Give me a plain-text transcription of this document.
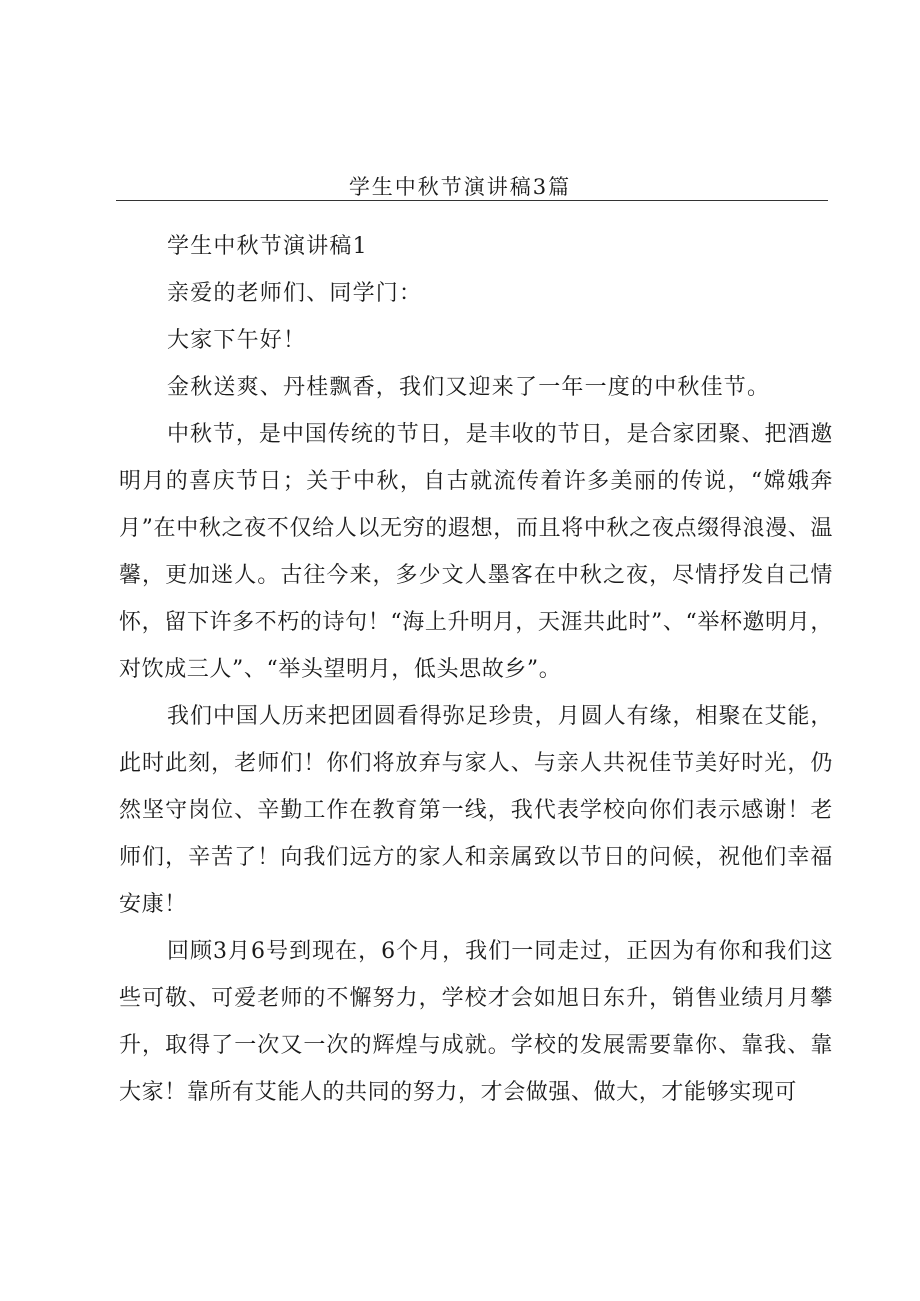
学生中秋节演讲稿3篇

学生中秋节演讲稿1

亲爱的老师们、同学门：

大家下午好！

金秋送爽、丹桂飘香，我们又迎来了一年一度的中秋佳节。

中秋节，是中国传统的节日，是丰收的节日，是合家团聚、把酒邀明月的喜庆节日；关于中秋，自古就流传着许多美丽的传说，“嫦娥奔月”在中秋之夜不仅给人以无穷的遐想，而且将中秋之夜点缀得浪漫、温馨，更加迷人。古往今来，多少文人墨客在中秋之夜，尽情抒发自己情怀，留下许多不朽的诗句！“海上升明月，天涯共此时”、“举杯邀明月，对饮成三人”、“举头望明月，低头思故乡”。

我们中国人历来把团圆看得弥足珍贵，月圆人有缘，相聚在艾能，此时此刻，老师们！你们将放弃与家人、与亲人共祝佳节美好时光，仍然坚守岗位、辛勤工作在教育第一线，我代表学校向你们表示感谢！老师们，辛苦了！向我们远方的家人和亲属致以节日的问候，祝他们幸福安康！

回顾3月6号到现在，6个月，我们一同走过，正因为有你和我们这些可敬、可爱老师的不懈努力，学校才会如旭日东升，销售业绩月月攀升，取得了一次又一次的辉煌与成就。学校的发展需要靠你、靠我、靠大家！靠所有艾能人的共同的努力，才会做强、做大，才能够实现可
